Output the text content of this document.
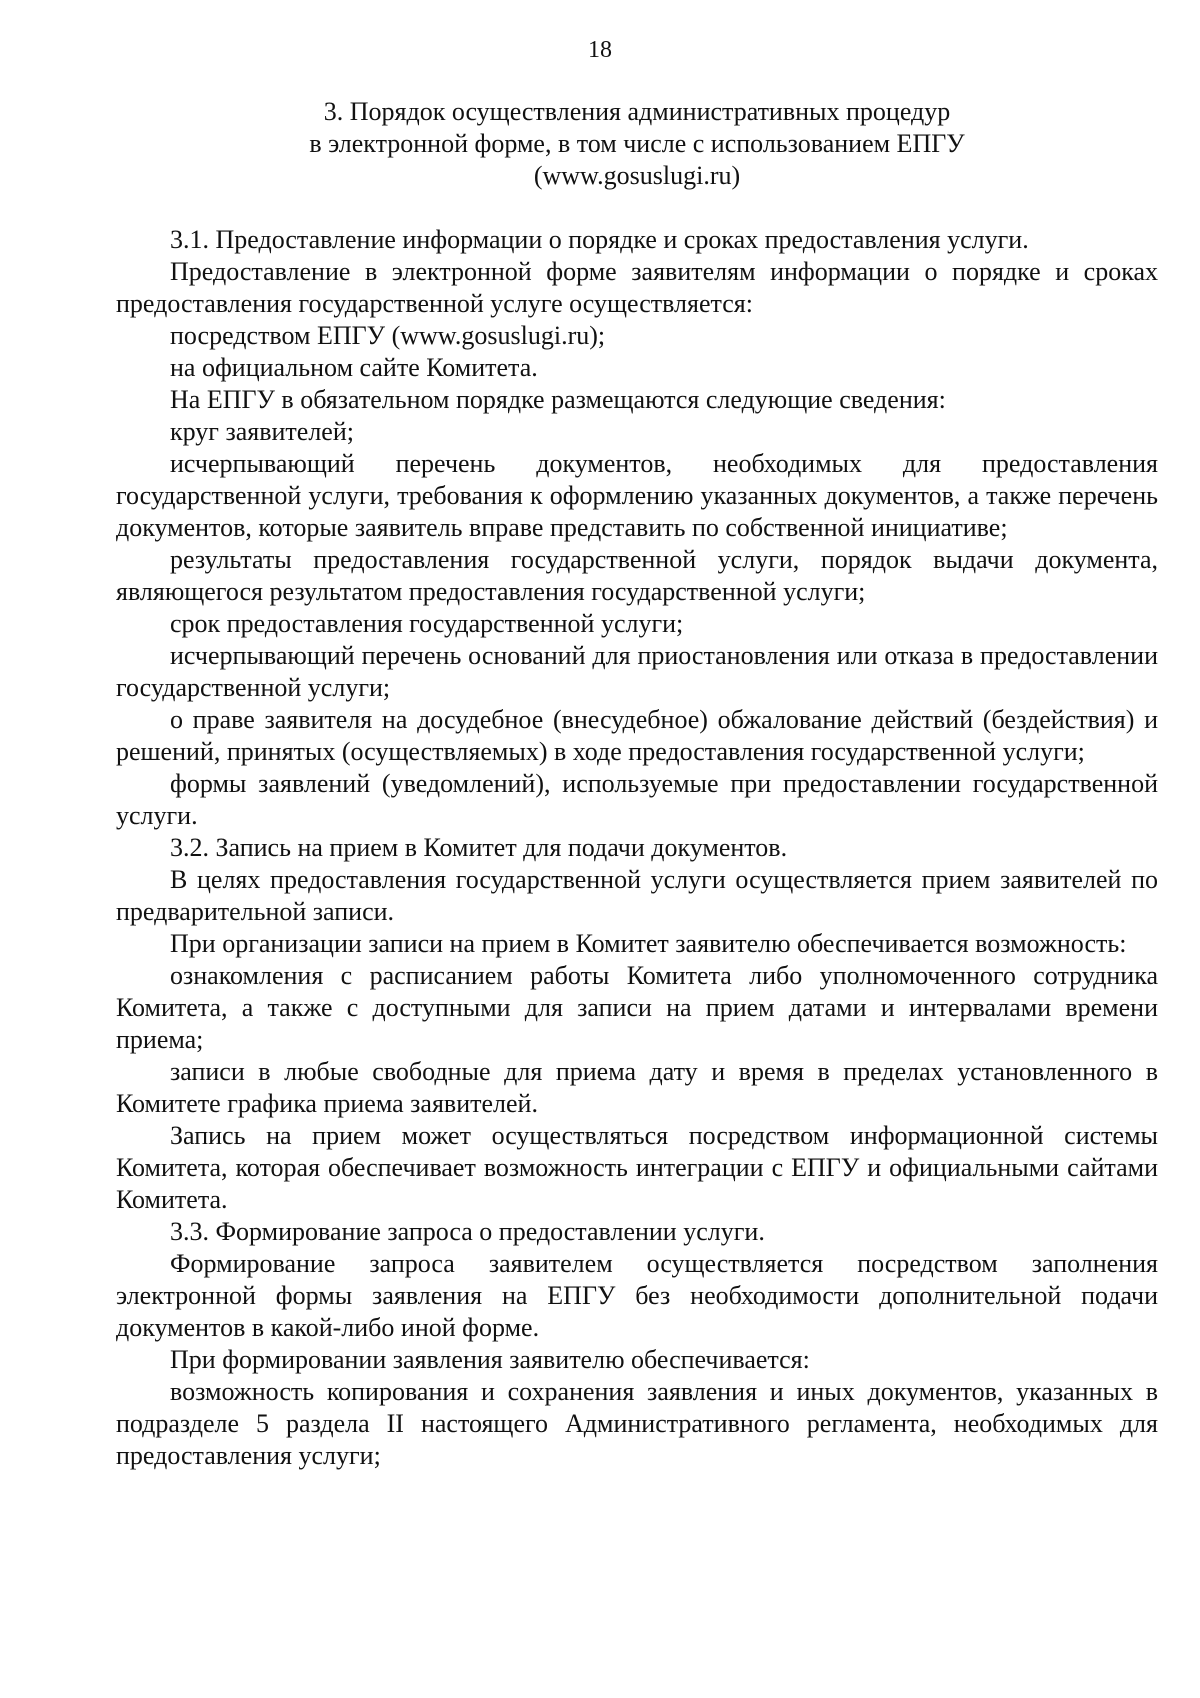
18
3. Порядок осуществления административных процедур
в электронной форме, в том числе с использованием ЕПГУ
(www.gosuslugi.ru)

3.1. Предоставление информации о порядке и сроках предоставления услуги.

Предоставление в электронной форме заявителям информации о порядке и сроках предоставления государственной услуге осуществляется:

посредством ЕПГУ (www.gosuslugi.ru);

на официальном сайте Комитета.

На ЕПГУ в обязательном порядке размещаются следующие сведения:

круг заявителей;

исчерпывающий перечень документов, необходимых для предоставления государственной услуги, требования к оформлению указанных документов, а также перечень документов, которые заявитель вправе представить по собственной инициативе;

результаты предоставления государственной услуги, порядок выдачи документа, являющегося результатом предоставления государственной услуги;

срок предоставления государственной услуги;

исчерпывающий перечень оснований для приостановления или отказа в предоставлении государственной услуги;

о праве заявителя на досудебное (внесудебное) обжалование действий (бездействия) и решений, принятых (осуществляемых) в ходе предоставления государственной услуги;

формы заявлений (уведомлений), используемые при предоставлении государственной услуги.

3.2. Запись на прием в Комитет для подачи документов.

В целях предоставления государственной услуги осуществляется прием заявителей по предварительной записи.

При организации записи на прием в Комитет заявителю обеспечивается возможность:

ознакомления с расписанием работы Комитета либо уполномоченного сотрудника Комитета, а также с доступными для записи на прием датами и интервалами времени приема;

записи в любые свободные для приема дату и время в пределах установленного в Комитете графика приема заявителей.

Запись на прием может осуществляться посредством информационной системы Комитета, которая обеспечивает возможность интеграции с ЕПГУ и официальными сайтами Комитета.

3.3. Формирование запроса о предоставлении услуги.

Формирование запроса заявителем осуществляется посредством заполнения электронной формы заявления на ЕПГУ без необходимости дополнительной подачи документов в какой-либо иной форме.

При формировании заявления заявителю обеспечивается:

возможность копирования и сохранения заявления и иных документов, указанных в подразделе 5 раздела II настоящего Административного регламента, необходимых для предоставления услуги;
